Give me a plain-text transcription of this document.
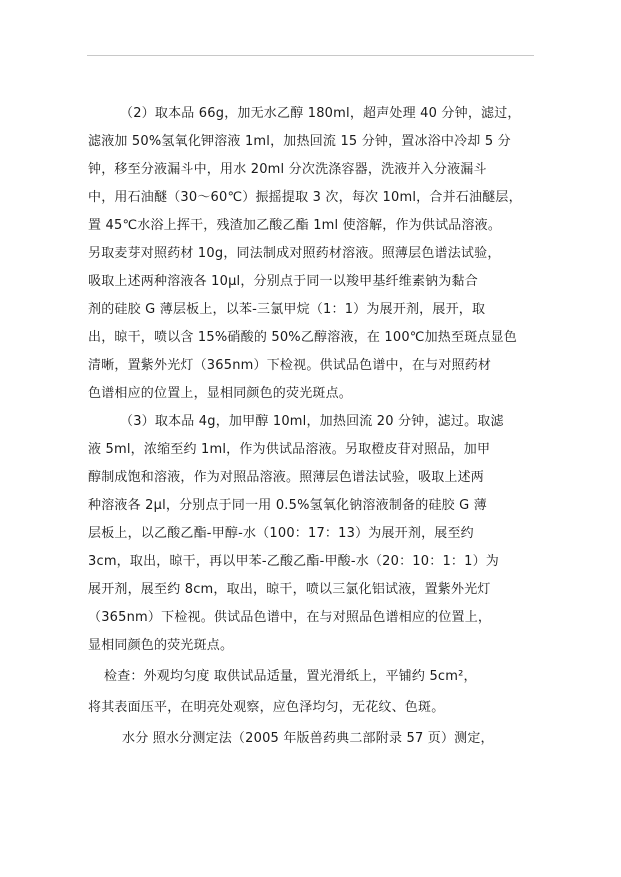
（2）取本品 66g，加无水乙醇 180ml，超声处理 40 分钟，滤过，
滤液加 50%氢氧化钾溶液 1ml，加热回流 15 分钟，置冰浴中冷却 5 分
钟，移至分液漏斗中，用水 20ml 分次洗涤容器，洗液并入分液漏斗
中，用石油醚（30～60℃）振摇提取 3 次，每次 10ml，合并石油醚层，
置 45℃水浴上挥干，残渣加乙酸乙酯 1ml 使溶解，作为供试品溶液。
另取麦芽对照药材 10g，同法制成对照药材溶液。照薄层色谱法试验，
吸取上述两种溶液各 10μl，分别点于同一以羧甲基纤维素钠为黏合
剂的硅胶 G 薄层板上，以苯-三氯甲烷（1：1）为展开剂，展开，取
出，晾干，喷以含 15%硝酸的 50%乙醇溶液，在 100℃加热至斑点显色
清晰，置紫外光灯（365nm）下检视。供试品色谱中，在与对照药材
色谱相应的位置上，显相同颜色的荧光斑点。
（3）取本品 4g，加甲醇 10ml，加热回流 20 分钟，滤过。取滤
液 5ml，浓缩至约 1ml，作为供试品溶液。另取橙皮苷对照品，加甲
醇制成饱和溶液，作为对照品溶液。照薄层色谱法试验，吸取上述两
种溶液各 2μl，分别点于同一用 0.5%氢氧化钠溶液制备的硅胶 G 薄
层板上，以乙酸乙酯-甲醇-水（100：17：13）为展开剂，展至约
3cm，取出，晾干，再以甲苯-乙酸乙酯-甲酸-水（20：10：1：1）为
展开剂，展至约 8cm，取出，晾干，喷以三氯化铝试液，置紫外光灯
（365nm）下检视。供试品色谱中，在与对照品色谱相应的位置上，
显相同颜色的荧光斑点。
检查：外观均匀度 取供试品适量，置光滑纸上，平铺约 5cm²，
将其表面压平，在明亮处观察，应色泽均匀，无花纹、色斑。
水分 照水分测定法（2005 年版兽药典二部附录 57 页）测定，
